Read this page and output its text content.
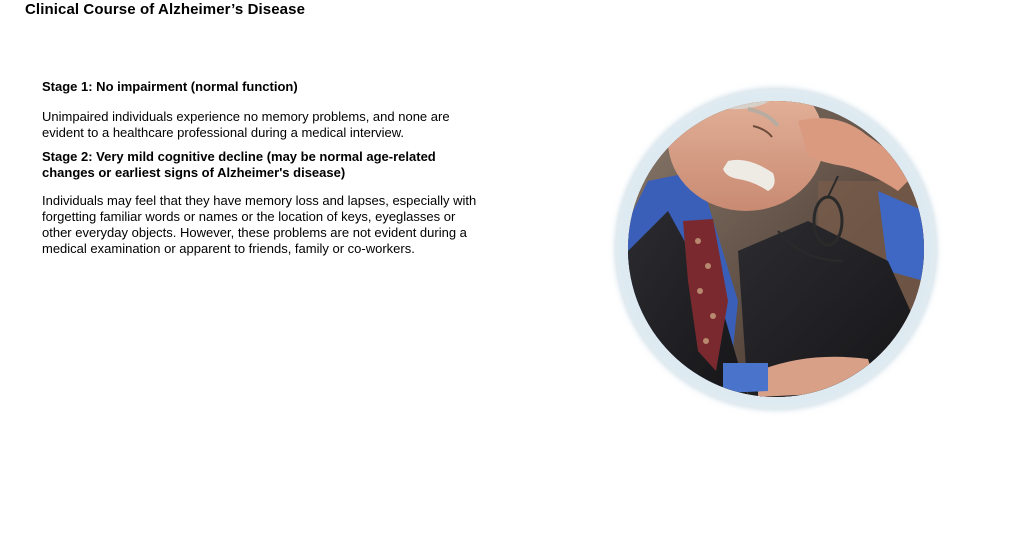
Clinical Course of Alzheimer’s Disease

Stage 1: No impairment (normal function)

Unimpaired individuals experience no memory problems, and none are evident to a healthcare professional during a medical interview.

Stage 2: Very mild cognitive decline (may be normal age-related changes or earliest signs of Alzheimer's disease)

Individuals may feel that they have memory loss and lapses, especially with forgetting familiar words or names or the location of keys, eyeglasses or other everyday objects. However, these problems are not evident during a medical examination or apparent to friends, family or co-workers.
